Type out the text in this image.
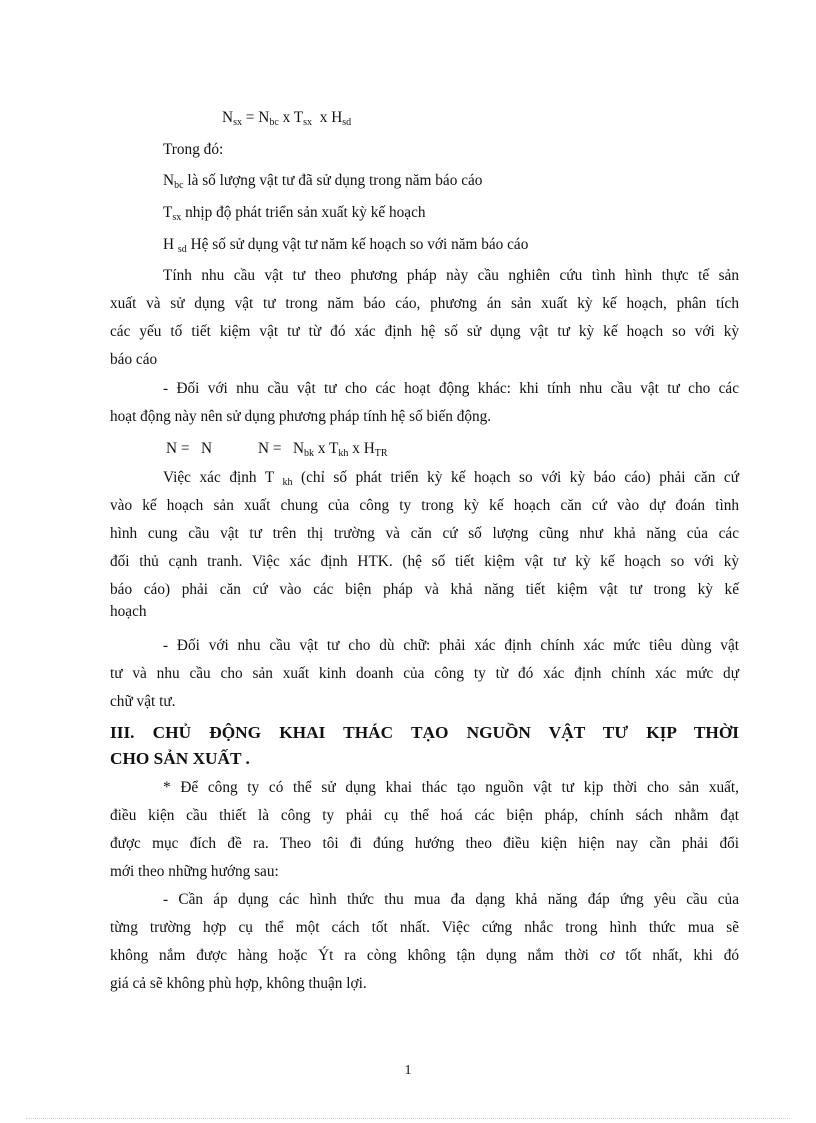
$N_{sx} = N_{bc}$ x $T_{sx}$  x $H_{sd}$
Trong đó:
$N_{bc}$ là số lượng vật tư đã sử dụng trong năm báo cáo
$T_{sx}$ nhịp độ phát triển sản xuất kỳ kế hoạch
H $_{sd}$ Hệ số sử dụng vật tư năm kế hoạch so với năm báo cáo
Tính nhu cầu vật tư theo phương pháp này cầu nghiên cứu tình hình thực tế sản
xuất và sử dụng vật tư trong năm báo cáo, phương án sản xuất kỳ kế hoạch, phân tích
các yếu tố tiết kiệm vật tư từ đó xác định hệ số sử dụng vật tư kỳ kế hoạch so với kỳ
báo cáo
- Đối với nhu cầu vật tư cho các hoạt động khác: khi tính nhu cầu vật tư cho các
hoạt động này nên sử dụng phương pháp tính hệ số biến động.
N =   N	$N = N_{bk}$ x $T_{kh}$ x $H_{TR}$
Việc xác định T $_{kh}$ (chỉ số phát triển kỳ kế hoạch so với kỳ báo cáo) phải căn cứ
vào kế hoạch sản xuất chung của công ty trong kỳ kế hoạch căn cứ vào dự đoán tình
hình cung cầu vật tư trên thị trường và căn cứ số lượng cũng như khả năng của các
đối thủ cạnh tranh. Việc xác định HTK. (hệ số tiết kiệm vật tư kỳ kế hoạch so với kỳ
báo cáo) phải căn cứ vào các biện pháp và khả năng tiết kiệm vật tư trong kỳ kế
hoạch
- Đối với nhu cầu vật tư cho dù chữ: phải xác định chính xác mức tiêu dùng vật
tư và nhu cầu cho sản xuất kinh doanh của công ty từ đó xác định chính xác mức dự
chữ vật tư.
III. CHỦ ĐỘNG KHAI THÁC TẠO NGUỒN VẬT TƯ KỊP THỜI
CHO SẢN XUẤT .
* Để công ty có thể sử dụng khai thác tạo nguồn vật tư kịp thời cho sản xuất,
điều kiện cầu thiết là công ty phải cụ thể hoá các biện pháp, chính sách nhằm đạt
được mục đích đề ra. Theo tôi đi đúng hướng theo điều kiện hiện nay cần phải đổi
mới theo những hướng sau:
- Cần áp dụng các hình thức thu mua đa dạng khả năng đáp ứng yêu cầu của
từng trường hợp cụ thể một cách tốt nhất. Việc cứng nhắc trong hình thức mua sẽ
không nắm được hàng hoặc Ýt ra còng không tận dụng nắm thời cơ tốt nhất, khi đó
giá cả sẽ không phù hợp, không thuận lợi.
1
